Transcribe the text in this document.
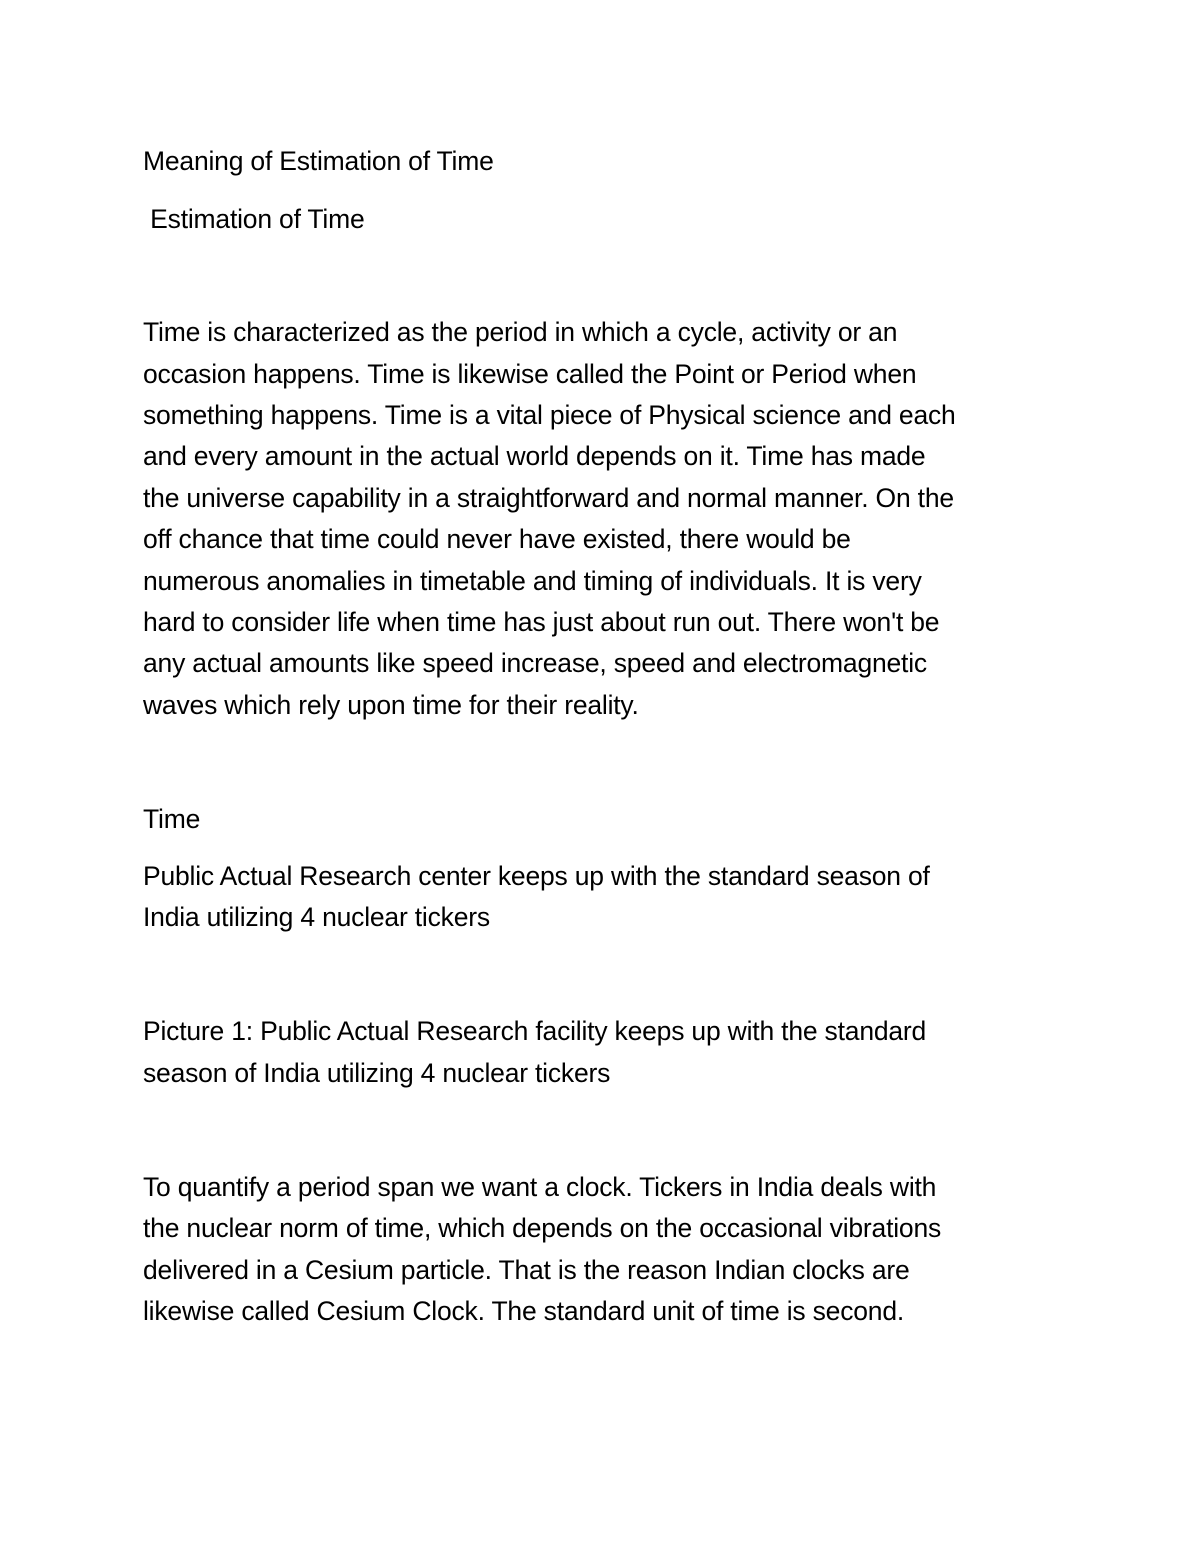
Meaning of Estimation of Time

Estimation of Time

Time is characterized as the period in which a cycle, activity or an

occasion happens. Time is likewise called the Point or Period when

something happens. Time is a vital piece of Physical science and each

and every amount in the actual world depends on it. Time has made

the universe capability in a straightforward and normal manner. On the

off chance that time could never have existed, there would be

numerous anomalies in timetable and timing of individuals. It is very

hard to consider life when time has just about run out. There won't be

any actual amounts like speed increase, speed and electromagnetic

waves which rely upon time for their reality.

Time

Public Actual Research center keeps up with the standard season of

India utilizing 4 nuclear tickers

Picture 1: Public Actual Research facility keeps up with the standard

season of India utilizing 4 nuclear tickers

To quantify a period span we want a clock. Tickers in India deals with

the nuclear norm of time, which depends on the occasional vibrations

delivered in a Cesium particle. That is the reason Indian clocks are

likewise called Cesium Clock. The standard unit of time is second.
